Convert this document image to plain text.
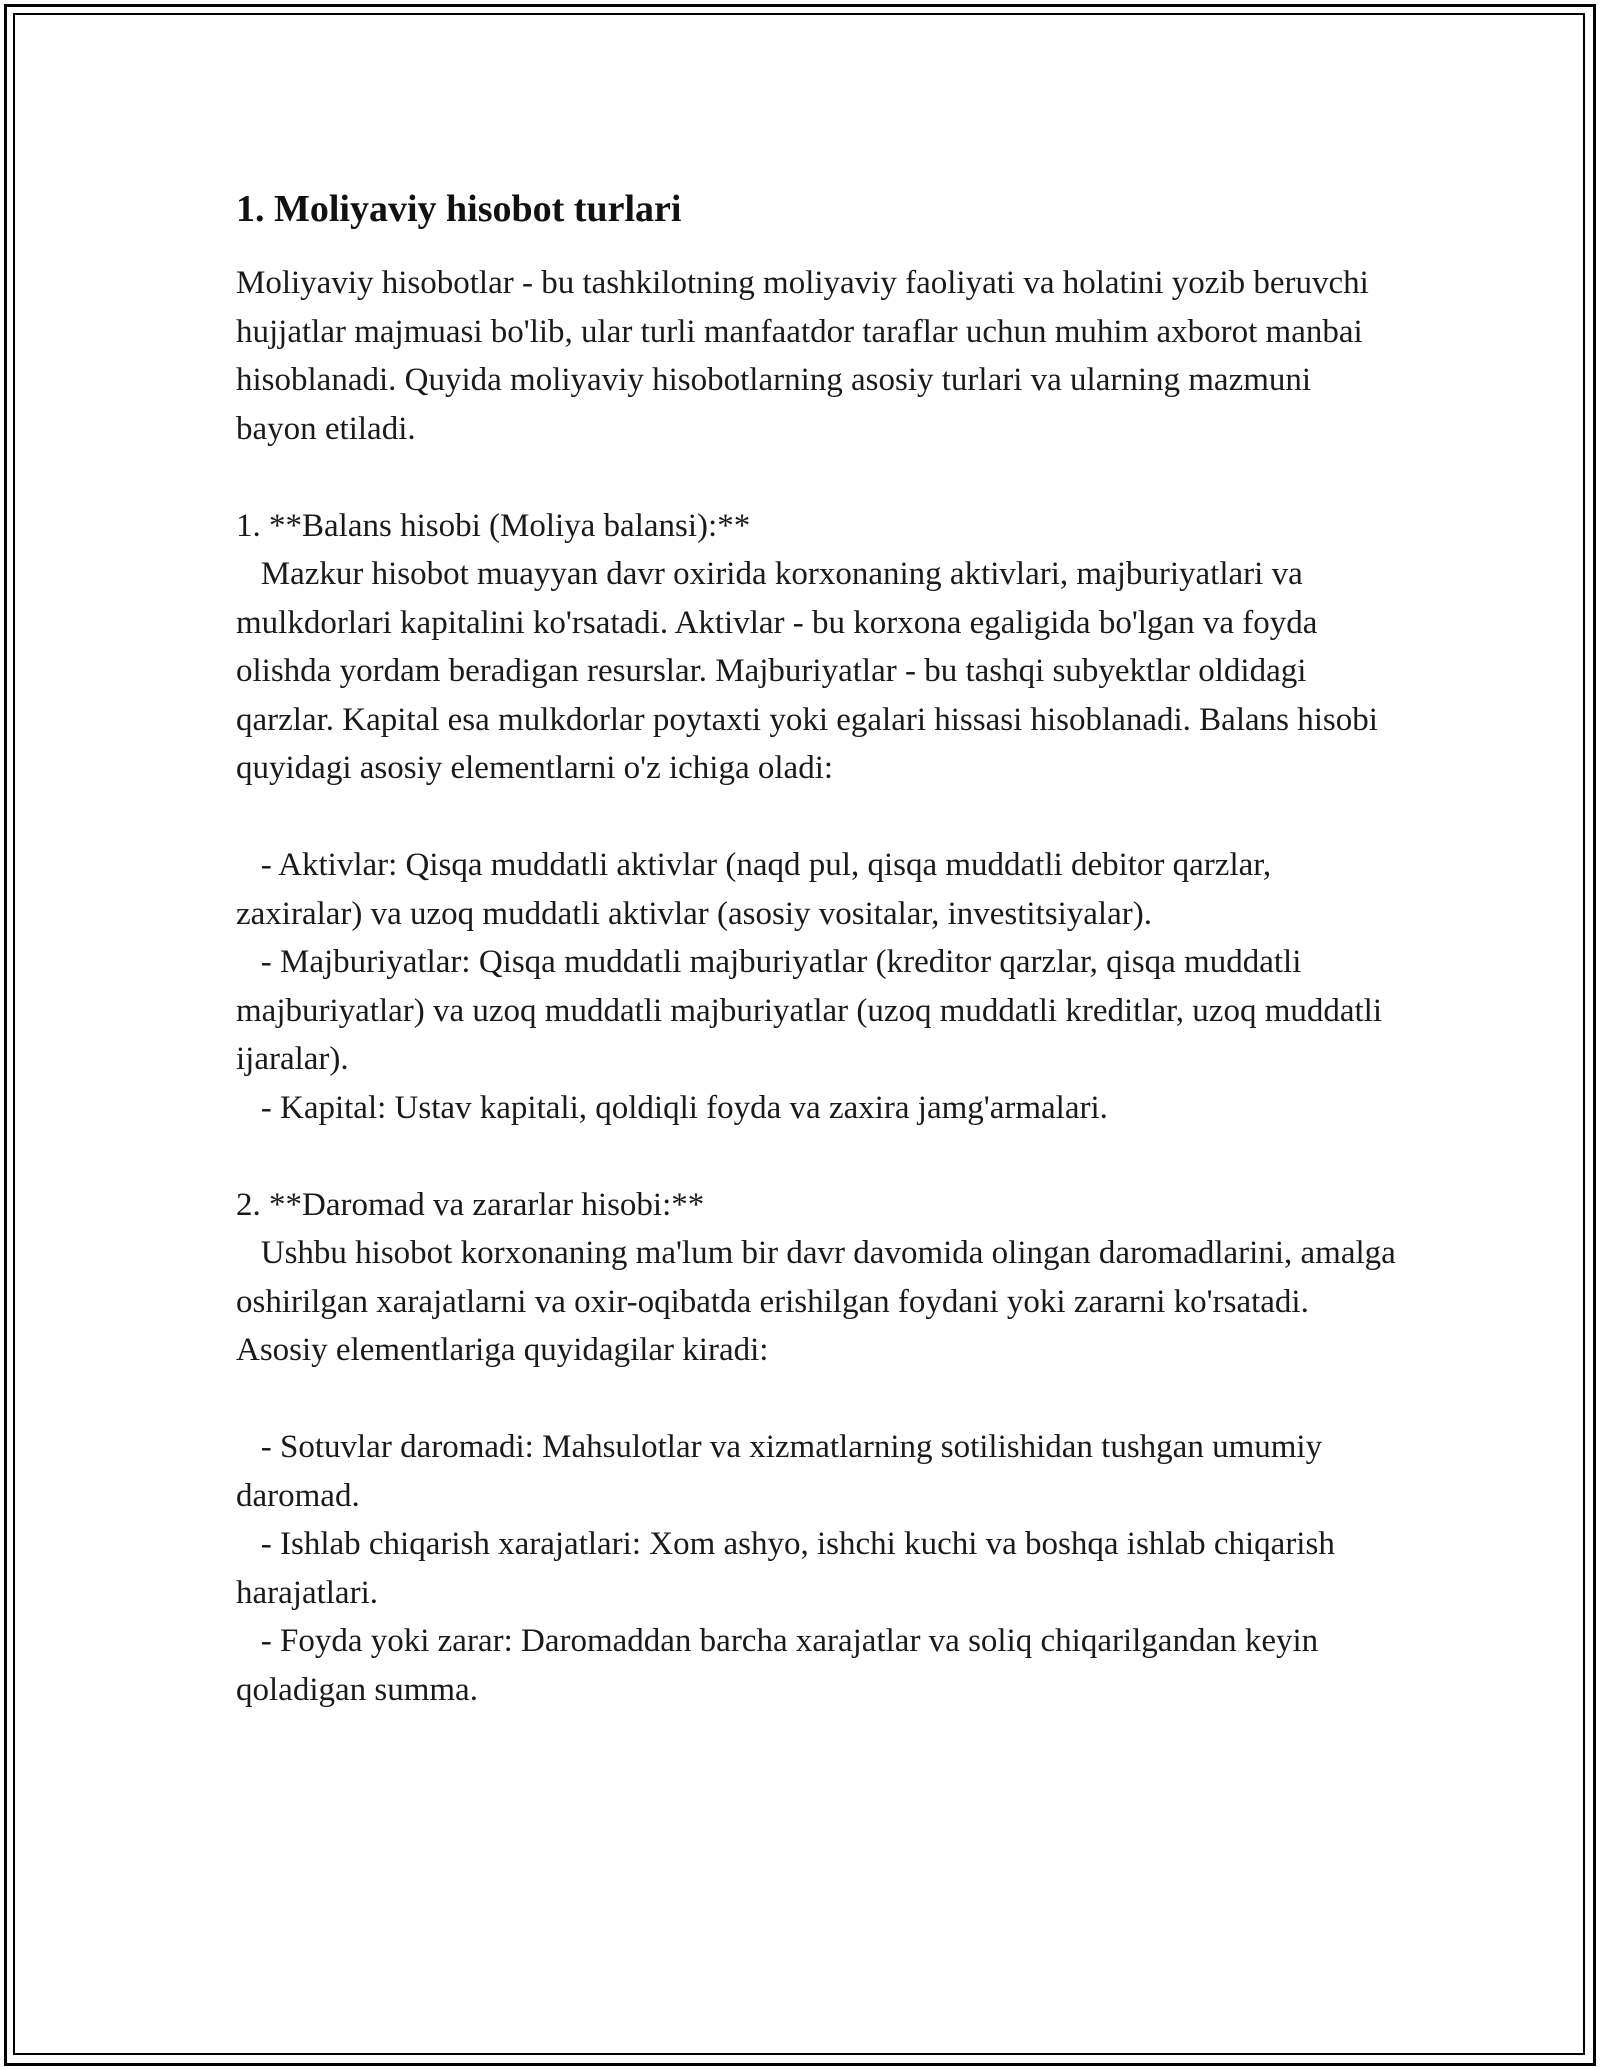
1. Moliyaviy hisobot turlari

Moliyaviy hisobotlar - bu tashkilotning moliyaviy faoliyati va holatini yozib beruvchi hujjatlar majmuasi bo'lib, ular turli manfaatdor taraflar uchun muhim axborot manbai hisoblanadi. Quyida moliyaviy hisobotlarning asosiy turlari va ularning mazmuni bayon etiladi.

1. **Balans hisobi (Moliya balansi):**
Mazkur hisobot muayyan davr oxirida korxonaning aktivlari, majburiyatlari va mulkdorlari kapitalini ko'rsatadi. Aktivlar - bu korxona egaligida bo'lgan va foyda olishda yordam beradigan resurslar. Majburiyatlar - bu tashqi subyektlar oldidagi qarzlar. Kapital esa mulkdorlar poytaxti yoki egalari hissasi hisoblanadi. Balans hisobi quyidagi asosiy elementlarni o'z ichiga oladi:

- Aktivlar: Qisqa muddatli aktivlar (naqd pul, qisqa muddatli debitor qarzlar, zaxiralar) va uzoq muddatli aktivlar (asosiy vositalar, investitsiyalar).
- Majburiyatlar: Qisqa muddatli majburiyatlar (kreditor qarzlar, qisqa muddatli majburiyatlar) va uzoq muddatli majburiyatlar (uzoq muddatli kreditlar, uzoq muddatli ijaralar).
- Kapital: Ustav kapitali, qoldiqli foyda va zaxira jamg'armalari.

2. **Daromad va zararlar hisobi:**
Ushbu hisobot korxonaning ma'lum bir davr davomida olingan daromadlarini, amalga oshirilgan xarajatlarni va oxir-oqibatda erishilgan foydani yoki zararni ko'rsatadi. Asosiy elementlariga quyidagilar kiradi:

- Sotuvlar daromadi: Mahsulotlar va xizmatlarning sotilishidan tushgan umumiy daromad.
- Ishlab chiqarish xarajatlari: Xom ashyo, ishchi kuchi va boshqa ishlab chiqarish harajatlari.
- Foyda yoki zarar: Daromaddan barcha xarajatlar va soliq chiqarilgandan keyin qoladigan summa.
